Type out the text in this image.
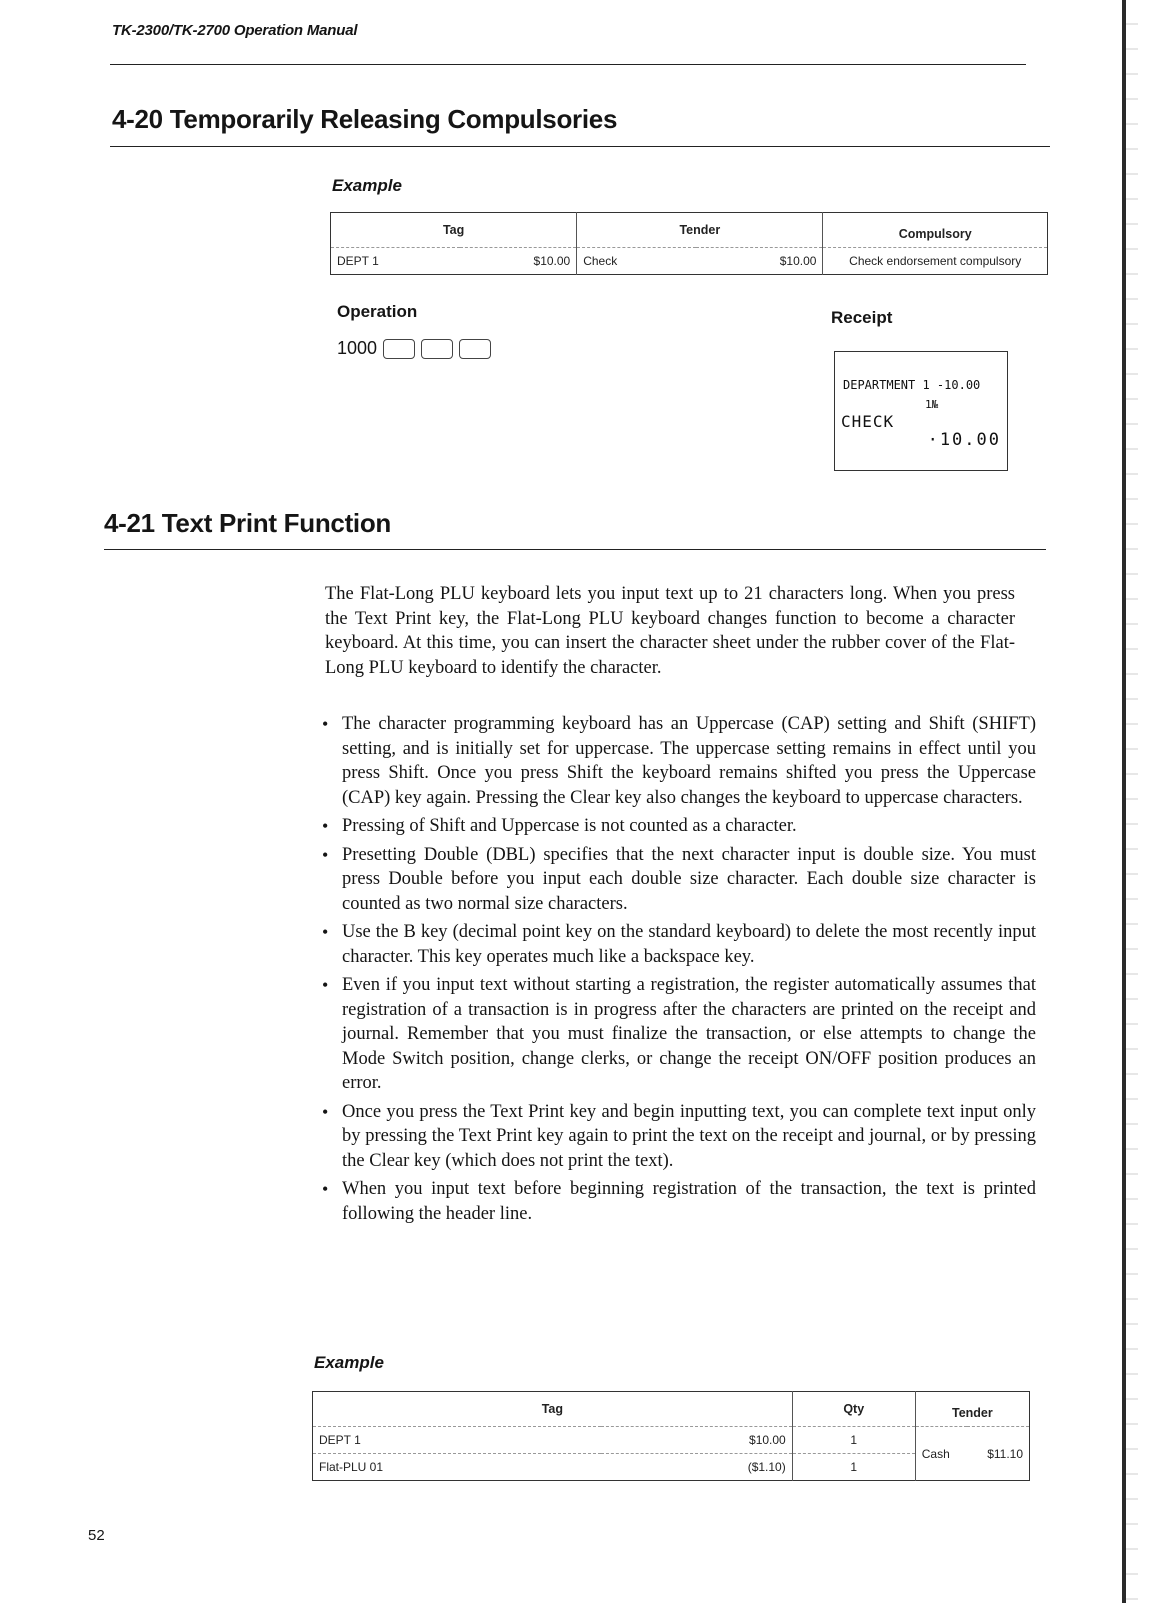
TK-2300/TK-2700 Operation Manual
4-20 Temporarily Releasing Compulsories
Example
Tag		Tender		Compulsory
DEPT 1	$10.00	Check	$10.00	Check endorsement compulsory
Operation
1000
Receipt
DEPARTMENT 1 -10.00
1№
CHECK
·10.00
4-21 Text Print Function
The Flat-Long PLU keyboard lets you input text up to 21 characters long. When you press the Text Print key, the Flat-Long PLU keyboard changes function to become a character keyboard. At this time, you can insert the character sheet under the rubber cover of the Flat-Long PLU keyboard to identify the character.
• The character programming keyboard has an Uppercase (CAP) setting and Shift (SHIFT) setting, and is initially set for uppercase. The uppercase setting remains in effect until you press Shift. Once you press Shift the keyboard remains shifted you press the Uppercase (CAP) key again. Pressing the Clear key also changes the keyboard to uppercase characters.
• Pressing of Shift and Uppercase is not counted as a character.
• Presetting Double (DBL) specifies that the next character input is double size. You must press Double before you input each double size character. Each double size character is counted as two normal size characters.
• Use the B key (decimal point key on the standard keyboard) to delete the most recently input character. This key operates much like a backspace key.
• Even if you input text without starting a registration, the register automatically assumes that registration of a transaction is in progress after the characters are printed on the receipt and journal. Remember that you must finalize the transaction, or else attempts to change the Mode Switch position, change clerks, or change the receipt ON/OFF position produces an error.
• Once you press the Text Print key and begin inputting text, you can complete text input only by pressing the Text Print key again to print the text on the receipt and journal, or by pressing the Clear key (which does not print the text).
• When you input text before beginning registration of the transaction, the text is printed following the header line.
Example
Tag		Qty	Tender	
DEPT 1	$10.00	1	Cash	$11.10
Flat-PLU 01	($1.10)	1		
52
